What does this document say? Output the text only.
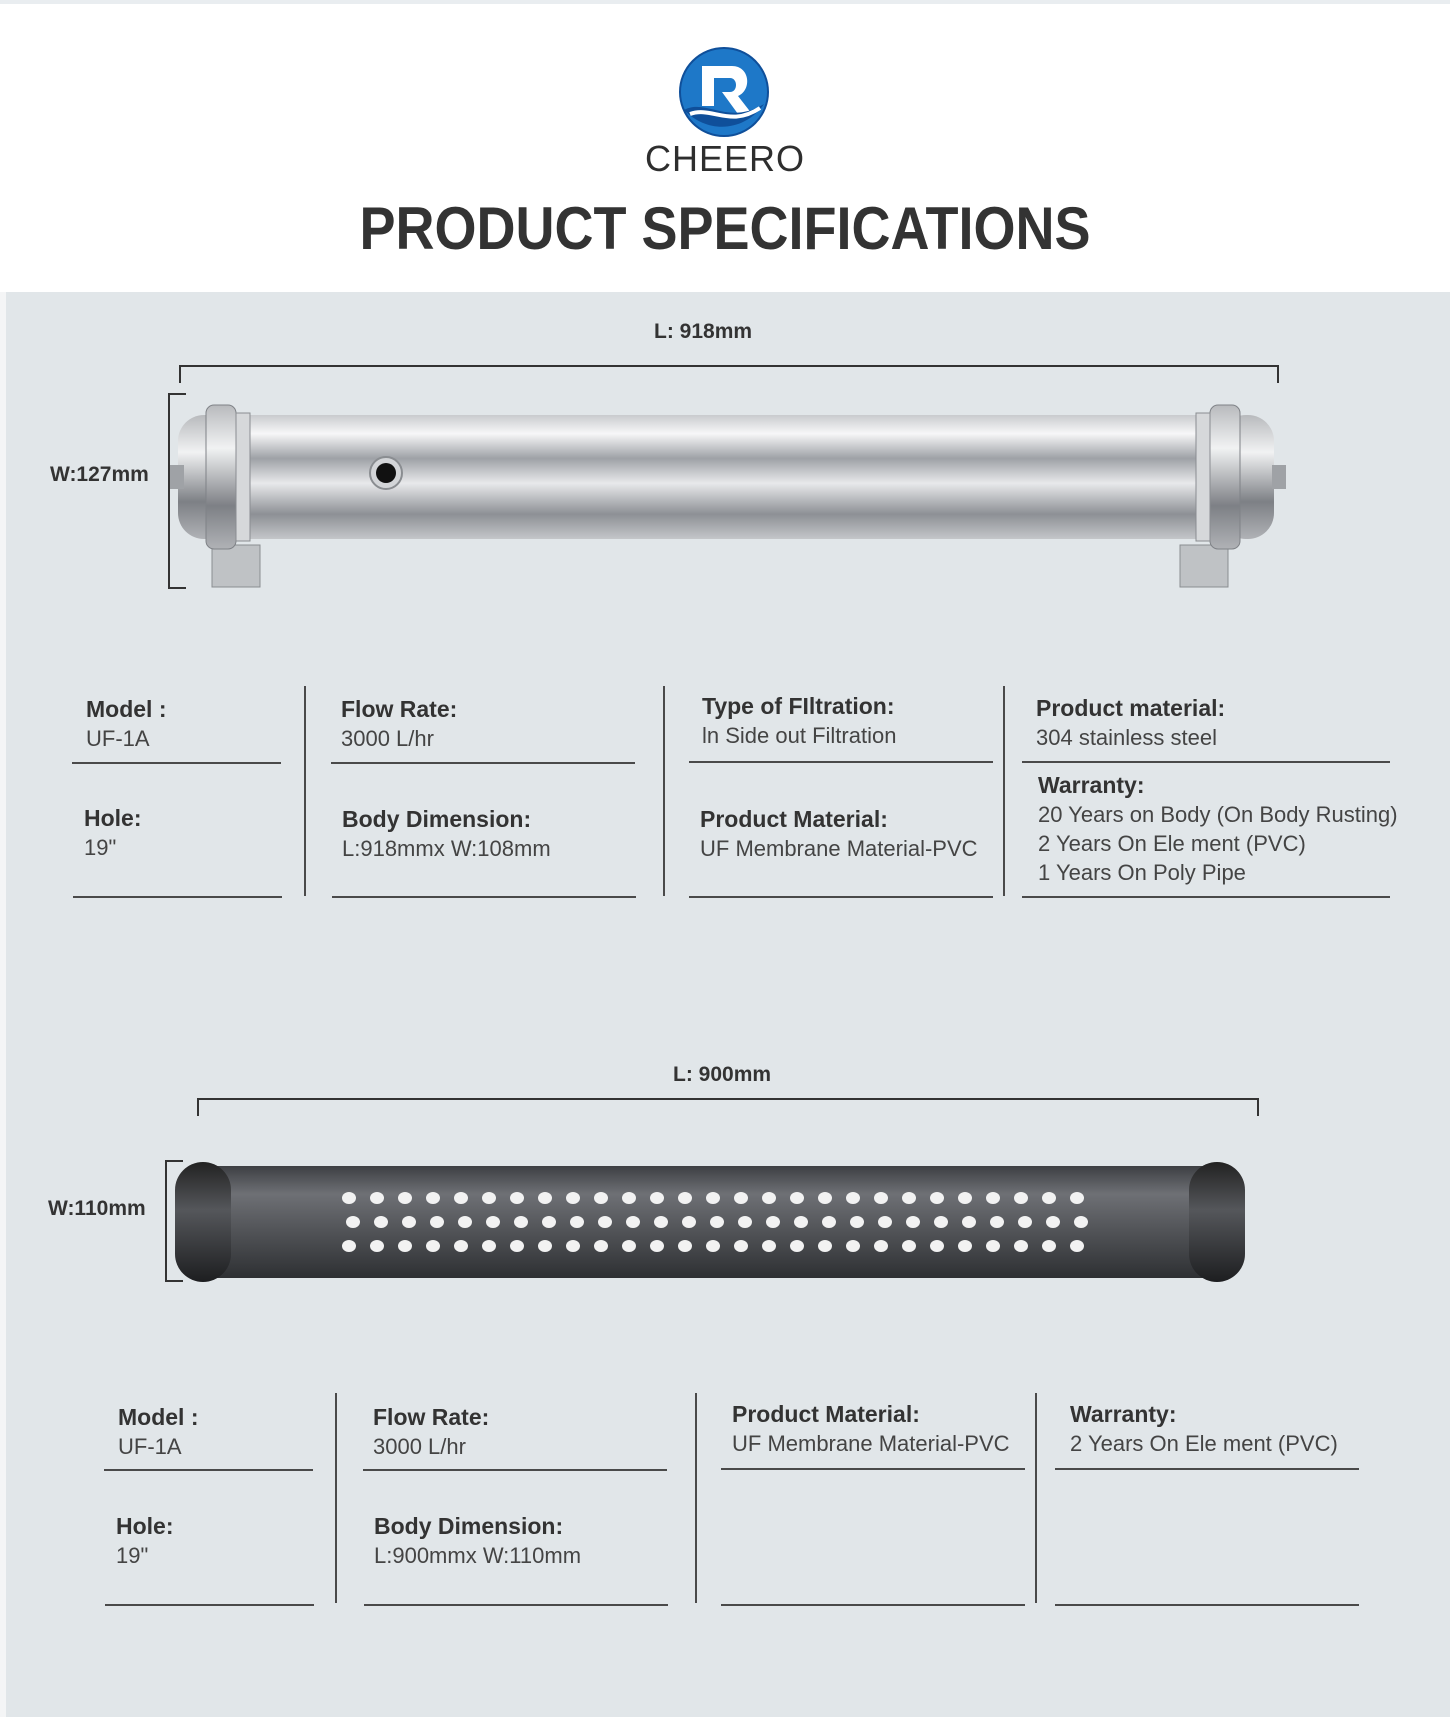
CHEERO
PRODUCT SPECIFICATIONS
L: 918mm
W:127mm
Model :
UF-1A
Hole:
19"
Flow Rate:
3000 L/hr
Body Dimension:
L:918mmx W:108mm
Type of FIltration:
ln Side out Filtration
Product Material:
UF Membrane Material-PVC
Product material:
304 stainless steel
Warranty:
20 Years on Body (On Body Rusting)
2 Years On Ele ment (PVC)
1 Years On Poly Pipe
L: 900mm
W:110mm
Model :
UF-1A
Hole:
19"
Flow Rate:
3000 L/hr
Body Dimension:
L:900mmx W:110mm
Product Material:
UF Membrane Material-PVC
Warranty:
2 Years On Ele ment (PVC)
